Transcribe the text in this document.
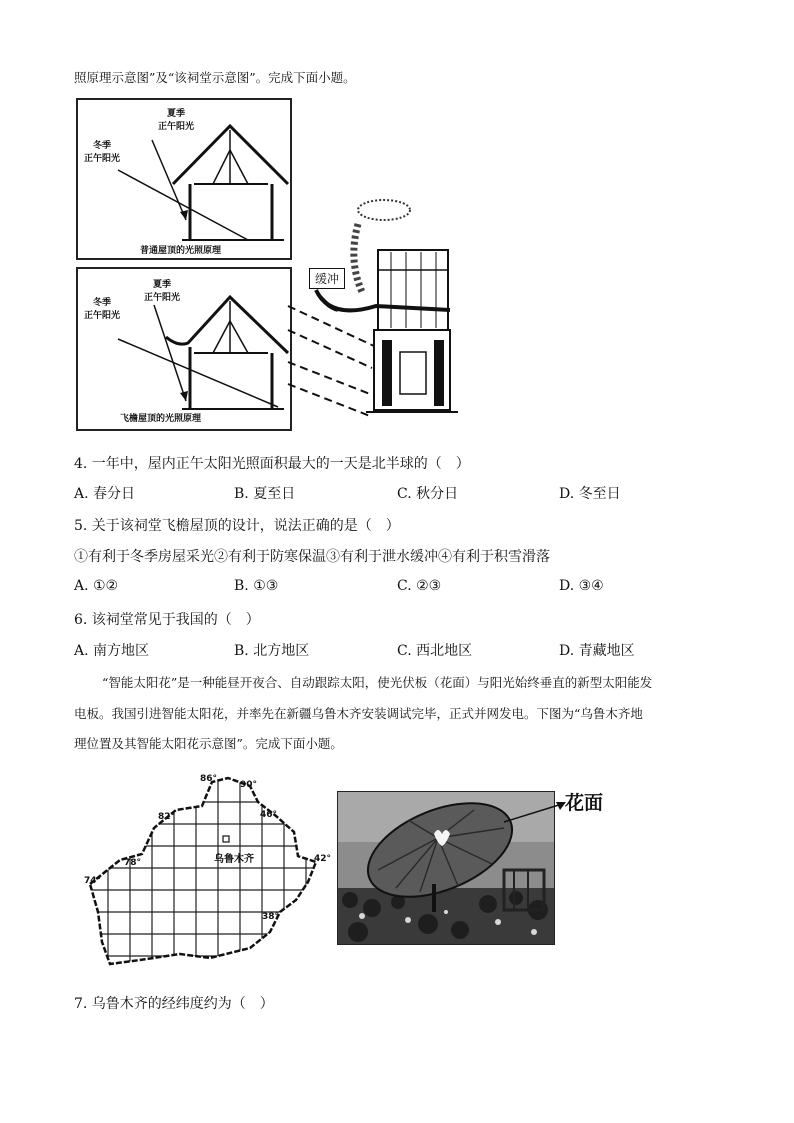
照原理示意图”及“该祠堂示意图”。完成下面小题。
夏季
正午阳光
冬季
正午阳光
普通屋顶的光照原理
夏季
正午阳光
冬季
正午阳光
飞檐屋顶的光照原理
缓冲
4. 一年中，屋内正午太阳光照面积最大的一天是北半球的（　）
A. 春分日	B. 夏至日	C. 秋分日	D. 冬至日
5. 关于该祠堂飞檐屋顶的设计，说法正确的是（　）
①有利于冬季房屋采光②有利于防寒保温③有利于泄水缓冲④有利于积雪滑落
A. ①②	B. ①③	C. ②③	D. ③④
6. 该祠堂常见于我国的（　）
A. 南方地区	B. 北方地区	C. 西北地区	D. 青藏地区
“智能太阳花”是一种能昼开夜合、自动跟踪太阳，使光伏板（花面）与阳光始终垂直的新型太阳能发
电板。我国引进智能太阳花，并率先在新疆乌鲁木齐安装调试完毕，正式并网发电。下图为“乌鲁木齐地
理位置及其智能太阳花示意图”。完成下面小题。
86°
90°
82°
78°
74°
46°
42°
38°
乌鲁木齐
花面
7. 乌鲁木齐的经纬度约为（　）
